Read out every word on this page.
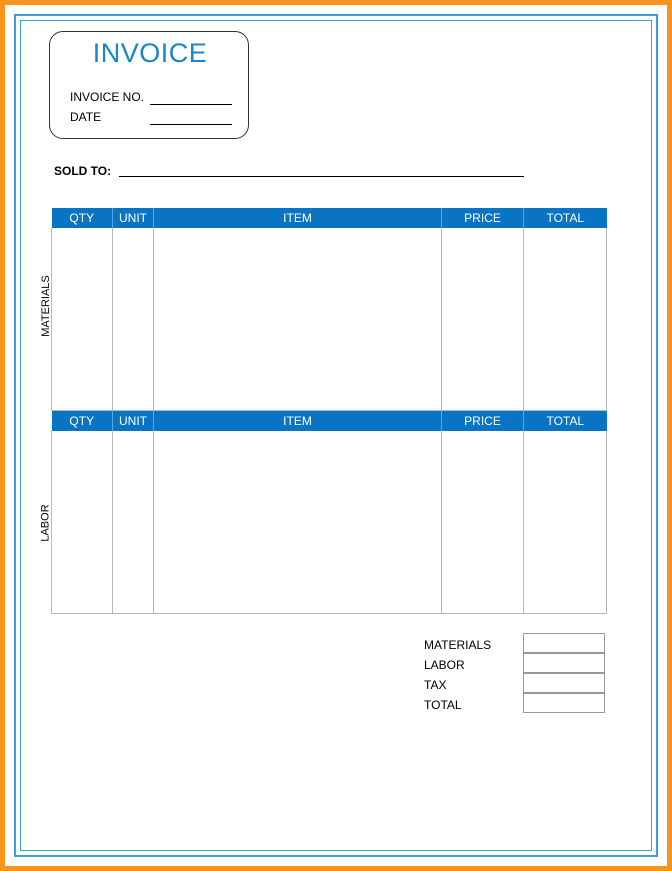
INVOICE
INVOICE NO.
DATE
SOLD TO:
MATERIALS
QTY	UNIT	ITEM	PRICE	TOTAL

LABOR
QTY	UNIT	ITEM	PRICE	TOTAL

MATERIALS
LABOR
TAX
TOTAL
